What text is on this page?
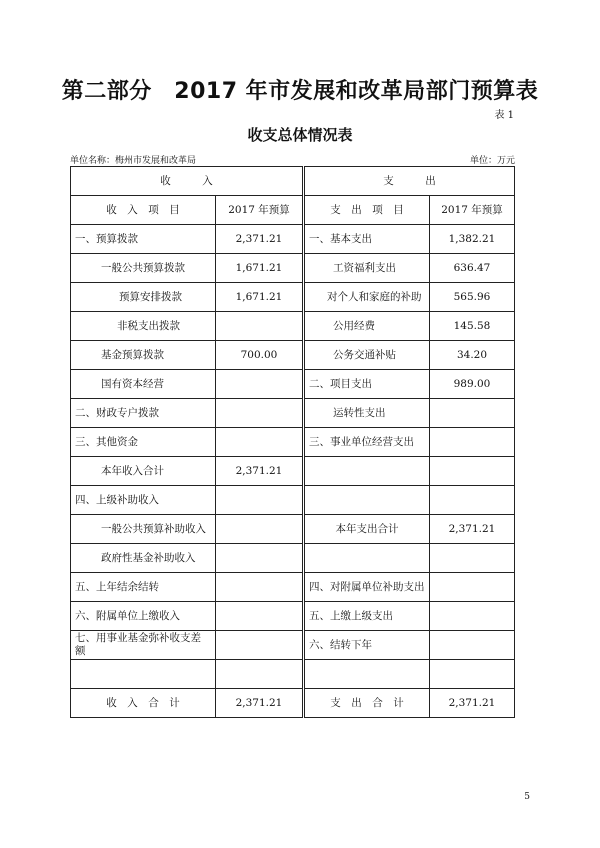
第二部分　2017 年市发展和改革局部门预算表
表 1
收支总体情况表
单位名称：梅州市发展和改革局	单位：万元
收　　　入			支　　　出	
收　入　项　目	2017 年预算		支　出　项　目	2017 年预算
一、预算拨款	2,371.21		一、基本支出	1,382.21
一般公共预算拨款	1,671.21		工资福利支出	636.47
预算安排拨款	1,671.21		对个人和家庭的补助	565.96
非税支出拨款			公用经费	145.58
基金预算拨款	700.00		公务交通补贴	34.20
国有资本经营			二、项目支出	989.00
二、财政专户拨款			运转性支出	
三、其他资金			三、事业单位经营支出	
本年收入合计	2,371.21			
四、上级补助收入				
一般公共预算补助收入			本年支出合计	2,371.21
政府性基金补助收入				
五、上年结余结转			四、对附属单位补助支出	
六、附属单位上缴收入			五、上缴上级支出	
七、用事业基金弥补收支差额			六、结转下年	

收　入　合　计	2,371.21		支　出　合　计	2,371.21
5
